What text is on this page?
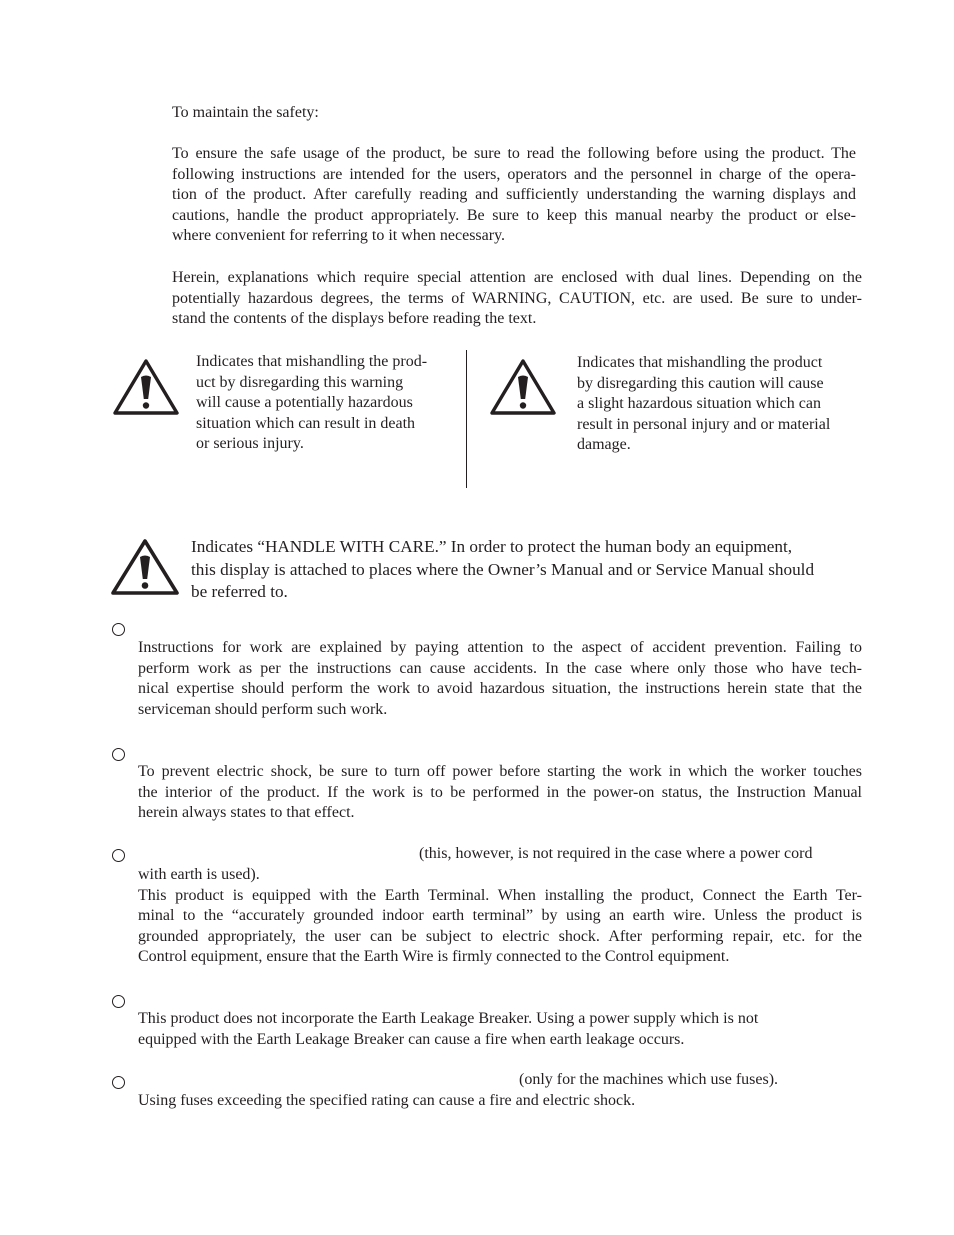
To maintain the safety:

To ensure the safe usage of the product, be sure to read the following before using the product. The
following instructions are intended for the users, operators and the personnel in charge of the opera-
tion of the product. After carefully reading and sufficiently understanding the warning displays and
cautions, handle the product appropriately. Be sure to keep this manual nearby the product or else-
where convenient for referring to it when necessary.
Herein, explanations which require special attention are enclosed with dual lines. Depending on the
potentially hazardous degrees, the terms of WARNING, CAUTION, etc. are used. Be sure to under-
stand the contents of the displays before reading the text.
Indicates that mishandling the prod-
uct by disregarding this warning
will cause a potentially hazardous
situation which can result in death
or serious injury.
Indicates that mishandling the product
by disregarding this caution will cause
a slight hazardous situation which can
result in personal injury and or material
damage.
Indicates “HANDLE WITH CARE.” In order to protect the human body an equipment,
this display is attached to places where the Owner’s Manual and or Service Manual should
be referred to.
Instructions for work are explained by paying attention to the aspect of accident prevention. Failing to
perform work as per the instructions can cause accidents. In the case where only those who have tech-
nical expertise should perform the work to avoid hazardous situation, the instructions herein state that the
serviceman should perform such work.
To prevent electric shock, be sure to turn off power before starting the work in which the worker touches
the interior of the product. If the work is to be performed in the power-on status, the Instruction Manual
herein always states to that effect.

(this, however, is not required in the case where a power cord

with earth is used).
This product is equipped with the Earth Terminal. When installing the product, Connect the Earth Ter-
minal to the “accurately grounded indoor earth terminal” by using an earth wire. Unless the product is
grounded appropriately, the user can be subject to electric shock. After performing repair, etc. for the
Control equipment, ensure that the Earth Wire is firmly connected to the Control equipment.
This product does not incorporate the Earth Leakage Breaker. Using a power supply which is not
equipped with the Earth Leakage Breaker can cause a fire when earth leakage occurs.

(only for the machines which use fuses).

Using fuses exceeding the specified rating can cause a fire and electric shock.
